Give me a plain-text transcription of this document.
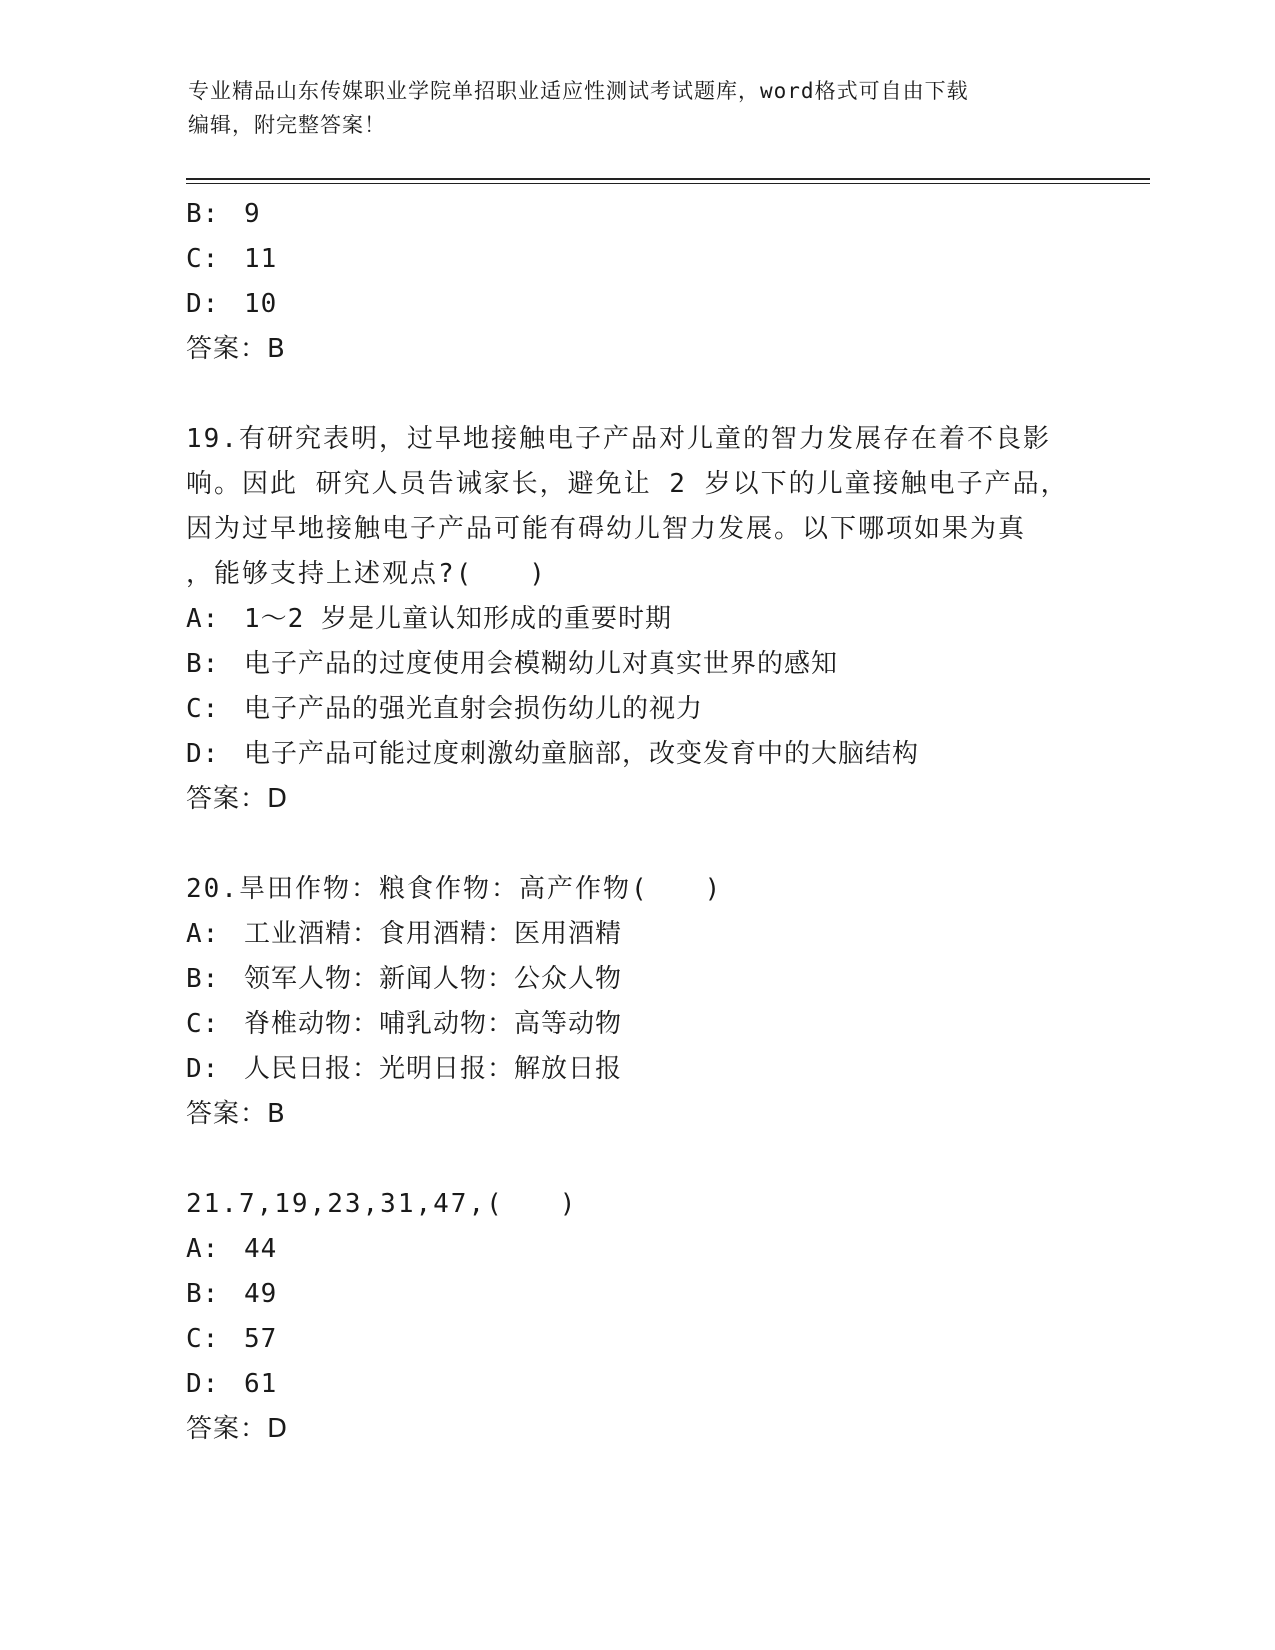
专业精品山东传媒职业学院单招职业适应性测试考试题库，word格式可自由下载
编辑，附完整答案！
B: 9
C: 11
D: 10
答案：B
19.有研究表明，过早地接触电子产品对儿童的智力发展存在着不良影
响。因此 研究人员告诫家长，避免让 2 岁以下的儿童接触电子产品，
因为过早地接触电子产品可能有碍幼儿智力发展。以下哪项如果为真
，能够支持上述观点?(　　)
A: 1～2 岁是儿童认知形成的重要时期
B: 电子产品的过度使用会模糊幼儿对真实世界的感知
C: 电子产品的强光直射会损伤幼儿的视力
D: 电子产品可能过度刺激幼童脑部，改变发育中的大脑结构
答案：D
20.旱田作物：粮食作物：高产作物(　　)
A: 工业酒精：食用酒精：医用酒精
B: 领军人物：新闻人物：公众人物
C: 脊椎动物：哺乳动物：高等动物
D: 人民日报：光明日报：解放日报
答案：B
21.7,19,23,31,47,(　　)
A: 44
B: 49
C: 57
D: 61
答案：D
